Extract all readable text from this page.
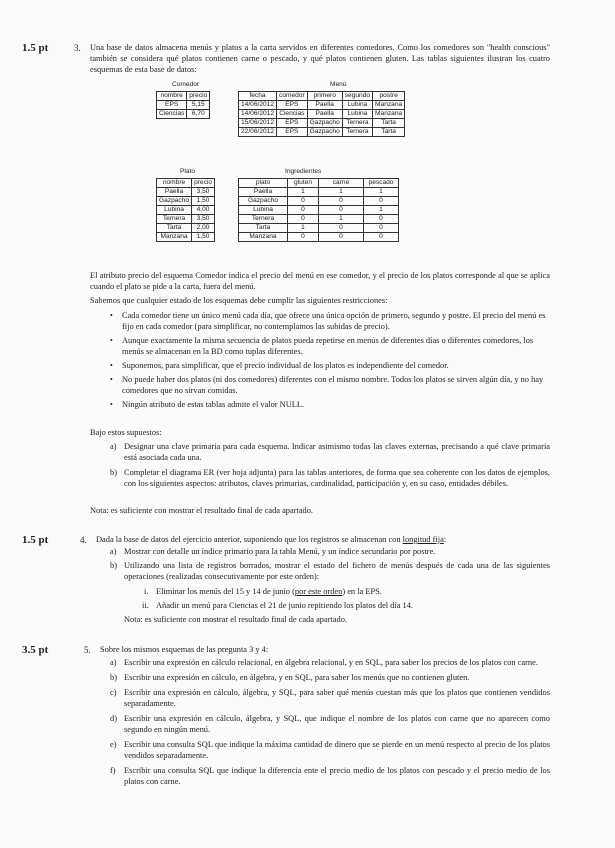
1.5 pt	3. Una base de datos almacena menús y platos a la carta servidos en diferentes comedores. Como los comedores son "health conscious" también se considera qué platos contienen carne o pescado, y qué platos contienen gluten. Las tablas siguientes ilustran los cuatro esquemas de esta base de datos:

Comedor
nombre	precio
EPS	5,15
Ciencias	6,70
Menú
fecha	comedor	primero	segundo	postre
14/06/2012	EPS	Paella	Lubina	Manzana
14/06/2012	Ciencias	Paella	Lubina	Manzana
15/06/2012	EPS	Gazpacho	Ternera	Tarta
22/06/2012	EPS	Gazpacho	Ternera	Tarta
Plato
nombre	precio
Paella	3,50
Gazpacho	1,50
Lubina	4,00
Ternera	3,50
Tarta	2,00
Manzana	1,50
Ingredientes
plato	gluten	carne	pescado
Paella	1	1	1
Gazpacho	0	0	0
Lubina	0	0	1
Ternera	0	1	0
Tarta	1	0	0
Manzana	0	0	0

El atributo precio del esquema Comedor indica el precio del menú en ese comedor, y el precio de los platos corresponde al que se aplica cuando el plato se pide a la carta, fuera del menú.

Sabemos que cualquier estado de los esquemas debe cumplir las siguientes restricciones:

• Cada comedor tiene un único menú cada día, que ofrece una única opción de primero, segundo y postre. El precio del menú es fijo en cada comedor (para simplificar, no contemplamos las subidas de precio).
• Aunque exactamente la misma secuencia de platos pueda repetirse en menús de diferentes días o diferentes comedores, los menús se almacenan en la BD como tuplas diferentes.
• Suponemos, para simplificar, que el precio individual de los platos es independiente del comedor.
• No puede haber dos platos (ni dos comedores) diferentes con el mismo nombre. Todos los platos se sirven algún día, y no hay comedores que no sirvan comidas.
• Ningún atributo de estas tablas admite el valor NULL.

Bajo estos supuestos:

a) Designar una clave primaria para cada esquema. Indicar asimismo todas las claves externas, precisando a qué clave primaria está asociada cada una.
b) Completar el diagrama ER (ver hoja adjunta) para las tablas anteriores, de forma que sea coherente con los datos de ejemplos, con los siguientes aspectos: atributos, claves primarias, cardinalidad, participación y, en su caso, entidades débiles.

Nota: es suficiente con mostrar el resultado final de cada apartado.

1.5 pt	4. Dada la base de datos del ejercicio anterior, suponiendo que los registros se almacenan con longitud fija:

a) Mostrar con detalle un índice primario para la tabla Menú, y un índice secundario por postre.
b) Utilizando una lista de registros borrados, mostrar el estado del fichero de menús después de cada una de las siguientes operaciones (realizadas consecutivamente por este orden):
i. Eliminar los menús del 15 y 14 de junio (por este orden) en la EPS.
ii. Añadir un menú para Ciencias el 21 de junio repitiendo los platos del día 14.

Nota: es suficiente con mostrar el resultado final de cada apartado.

3.5 pt	5. Sobre los mismos esquemas de las pregunta 3 y 4:

a) Escribir una expresión en cálculo relacional, en álgebra relacional, y en SQL, para saber los precios de los platos con carne.
b) Escribir una expresión en cálculo, en álgebra, y en SQL, para saber los menús que no contienen gluten.
c) Escribir una expresión en cálculo, álgebra, y SQL, para saber qué menús cuestan más que los platos que contienen vendidos separadamente.
d) Escribir una expresión en cálculo, álgebra, y SQL, que indique el nombre de los platos con carne que no aparecen como segundo en ningún menú.
e) Escribir una consulta SQL que indique la máxima cantidad de dinero que se pierde en un menú respecto al precio de los platos vendidos separadamente.
f) Escribir una consulta SQL que indique la diferencia ente el precio medio de los platos con pescado y el precio medio de los platos con carne.
